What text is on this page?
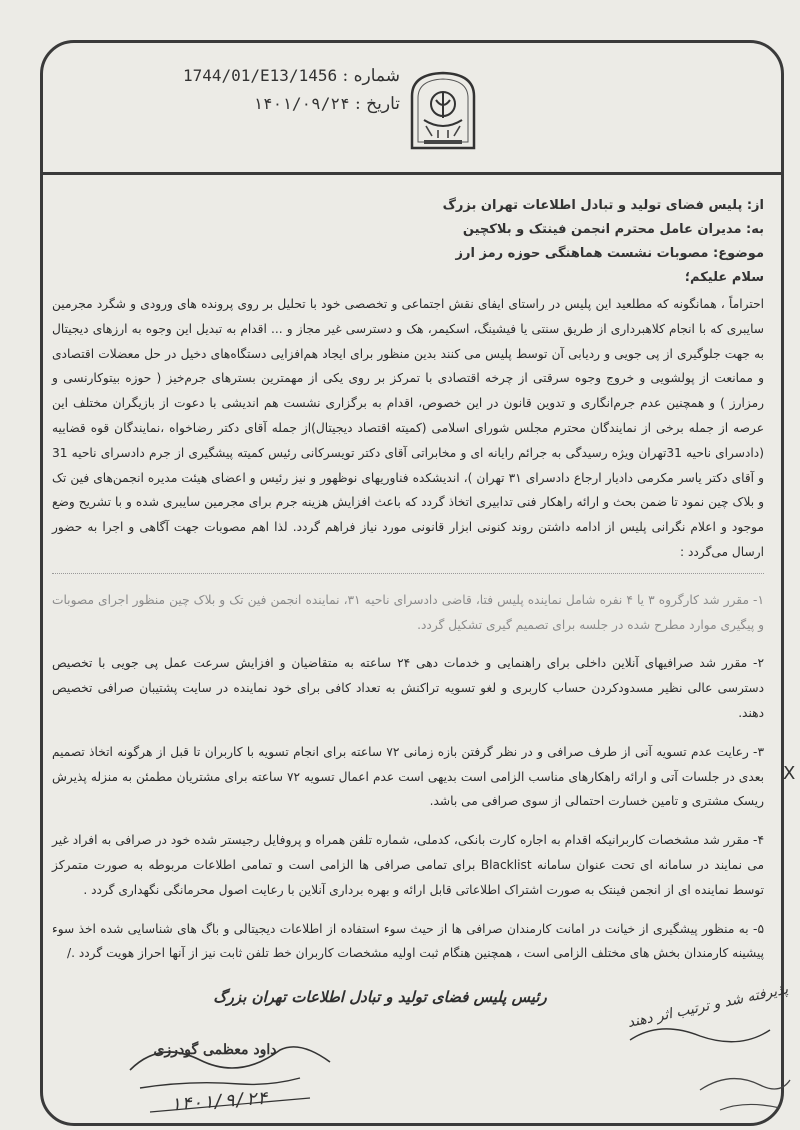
شماره : 1744/01/E13/1456
تاریخ : ۱۴۰۱/۰۹/۲۴
از: پلیس فضای تولید و تبادل اطلاعات تهران بزرگ
به: مدیران عامل محترم انجمن فینتک و بلاکچین
موضوع: مصوبات نشست هماهنگی حوزه رمز ارز
سلام علیکم؛
احتراماً ، همانگونه که مطلعید این پلیس در راستای ایفای نقش اجتماعی و تخصصی خود با تحلیل بر روی پرونده های ورودی و شگرد مجرمین سایبری که با انجام کلاهبرداری از طریق سنتی یا فیشینگ، اسکیمر، هک و دسترسی غیر مجاز و ... اقدام به تبدیل این وجوه به ارزهای دیجیتال به جهت جلوگیری از پی جویی و ردیابی آن توسط پلیس می کنند بدین منظور برای ایجاد هم‌افزایی دستگاه‌های دخیل در حل معضلات اقتصادی و ممانعت از پولشویی و خروج وجوه سرقتی از چرخه اقتصادی با تمرکز بر روی یکی از مهمترین بسترهای جرم‌خیز ( حوزه بیتوکارنسی و رمزارز ) و همچنین عدم جرم‌انگاری و تدوین قانون در این خصوص، اقدام به برگزاری نشست هم اندیشی با دعوت از بازیگران مختلف این عرصه از جمله برخی از نمایندگان محترم مجلس شورای اسلامی (کمیته اقتصاد دیجیتال)از جمله آقای دکتر رضاخواه ،نمایندگان قوه قضاییه (دادسرای ناحیه 31تهران ویژه رسیدگی به جرائم رایانه ای و مخابراتی آقای دکتر تویسرکانی رئیس کمیته پیشگیری از جرم دادسرای ناحیه 31 و آقای دکتر یاسر مکرمی دادیار ارجاع دادسرای ۳۱ تهران )، اندیشکده فناوریهای نوظهور و نیز رئیس و اعضای هیئت مدیره انجمن‌های فین تک و بلاک چین نمود تا ضمن بحث و ارائه راهکار فنی تدابیری اتخاذ گردد که باعث افزایش هزینه جرم برای مجرمین سایبری شده و با تشریح وضع موجود و اعلام نگرانی پلیس از ادامه داشتن روند کنونی ابزار قانونی مورد نیاز فراهم گردد. لذا اهم مصوبات جهت آگاهی و اجرا به حضور ارسال می‌گردد :
۱- مقرر شد کارگروه ۳ یا ۴ نفره شامل نماینده پلیس فتا، قاضی دادسرای ناحیه ۳۱، نماینده انجمن فین تک و بلاک چین منظور اجرای مصوبات و پیگیری موارد مطرح شده در جلسه برای تصمیم گیری تشکیل گردد.
۲- مقرر شد صرافیهای آنلاین داخلی برای راهنمایی و خدمات دهی ۲۴ ساعته به متقاضیان و افزایش سرعت عمل پی جویی با تخصیص دسترسی عالی نظیر مسدودکردن حساب کاربری و لغو تسویه تراکنش به تعداد کافی برای خود نماینده در سایت پشتیبان صرافی تخصیص دهند.
۳- رعایت عدم تسویه آنی از طرف صرافی و در نظر گرفتن بازه زمانی ۷۲ ساعته برای انجام تسویه با کاربران تا قبل از هرگونه اتخاذ تصمیم بعدی در جلسات آتی و ارائه راهکارهای مناسب الزامی است بدیهی است عدم اعمال تسویه ۷۲ ساعته برای مشتریان مطمئن به منزله پذیرش ریسک مشتری و تامین خسارت احتمالی از سوی صرافی می باشد.
۴- مقرر شد مشخصات کاربرانیکه اقدام به اجاره کارت بانکی، کدملی، شماره تلفن همراه و پروفایل رجیستر شده خود در صرافی به افراد غیر می نمایند در سامانه ای تحت عنوان سامانه Blacklist برای تمامی صرافی ها الزامی است و تمامی اطلاعات مربوطه به صورت متمرکز توسط نماینده ای از انجمن فینتک به صورت اشتراک اطلاعاتی قابل ارائه و بهره برداری آنلاین با رعایت اصول محرمانگی نگهداری گردد .
۵- به منظور پیشگیری از خیانت در امانت کارمندان صرافی ها از حیث سوء استفاده از اطلاعات دیجیتالی و باگ های شناسایی شده اخذ سوء پیشینه کارمندان بخش های مختلف الزامی است ، همچنین هنگام ثبت اولیه مشخصات کاربران خط تلفن ثابت نیز از آنها احراز هویت گردد ./
X
رئیس پلیس فضای تولید و تبادل اطلاعات تهران بزرگ
داود معظمی گودرزی
۱۴۰۱/۹/۲۴
پذیرفته شد و ترتیب اثر دهند
